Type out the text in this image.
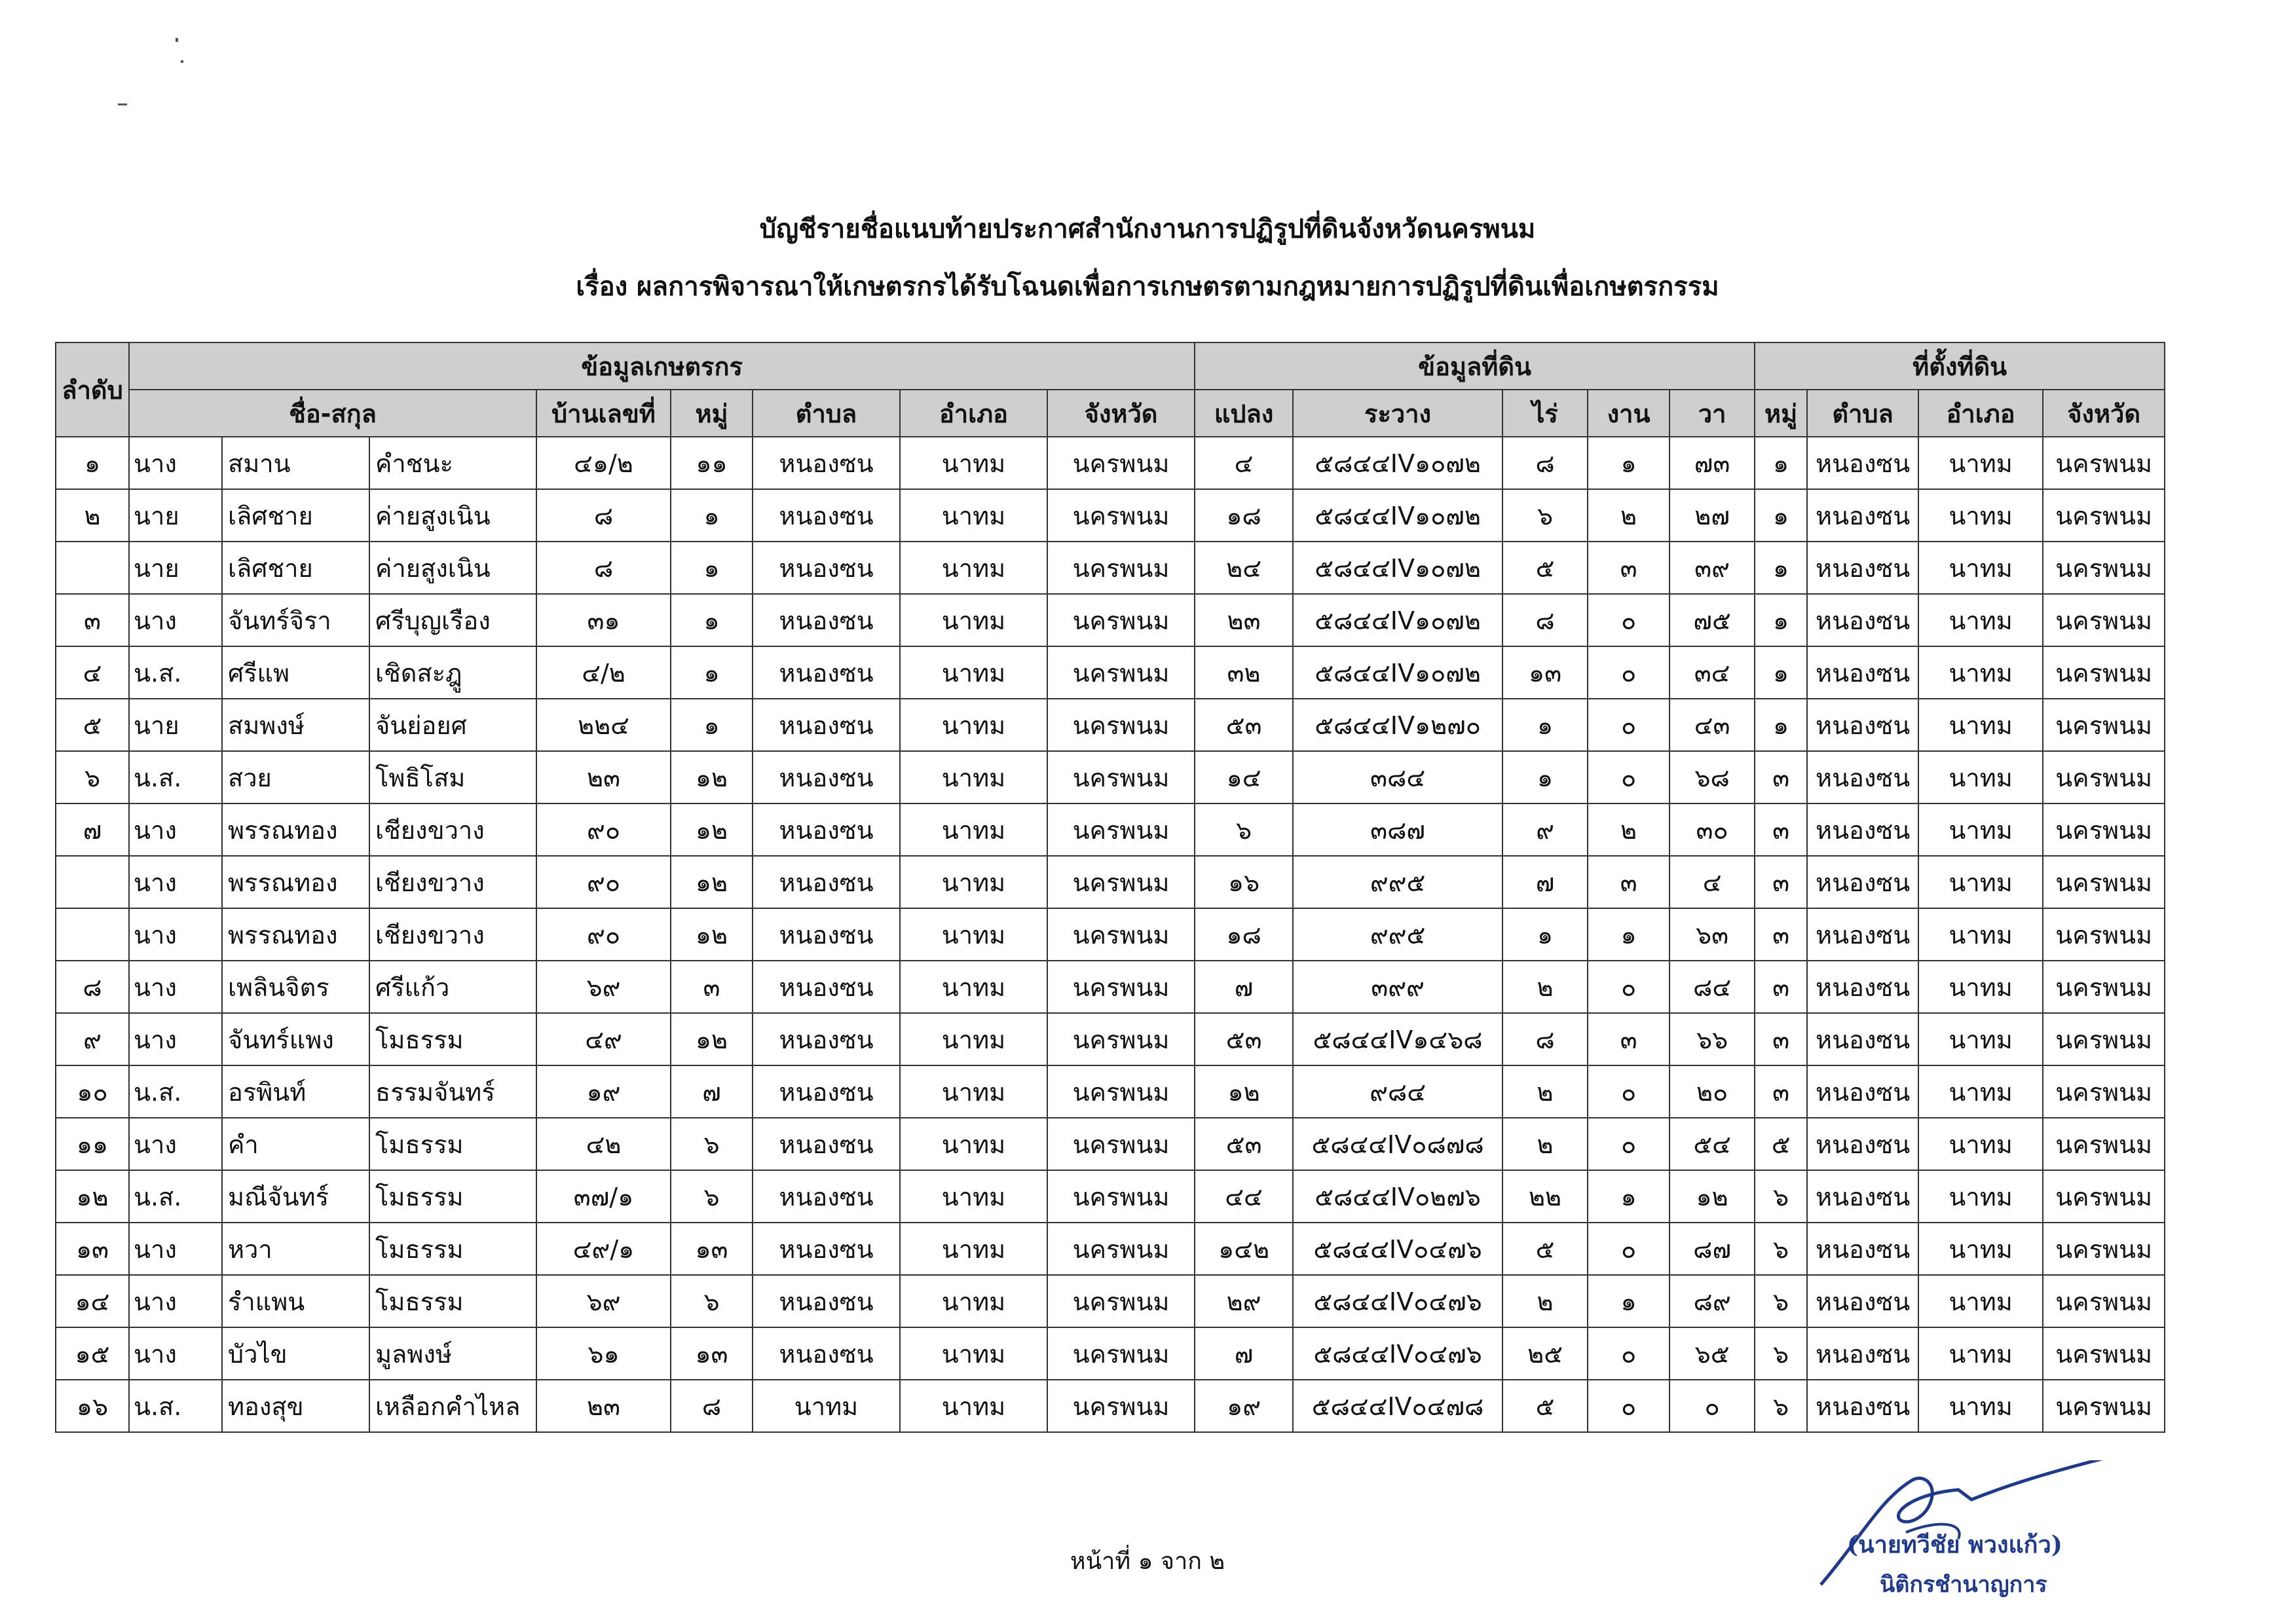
บัญชีรายชื่อแนบท้ายประกาศสำนักงานการปฏิรูปที่ดินจังหวัดนครพนม
เรื่อง ผลการพิจารณาให้เกษตรกรได้รับโฉนดเพื่อการเกษตรตามกฎหมายการปฏิรูปที่ดินเพื่อเกษตรกรรม
ลำดับ	ข้อมูลเกษตรกร								ข้อมูลที่ดิน					ที่ตั้งที่ดิน			
	ชื่อ-สกุล			บ้านเลขที่	หมู่	ตำบล	อำเภอ	จังหวัด	แปลง	ระวาง	ไร่	งาน	วา	หมู่	ตำบล	อำเภอ	จังหวัด
๑	นาง	สมาน	คำชนะ	๔๑/๒	๑๑	หนองซน	นาทม	นครพนม	๔	๕๘๔๔IV๑๐๗๒	๘	๑	๗๓	๑	หนองซน	นาทม	นครพนม
๒	นาย	เลิศชาย	ค่ายสูงเนิน	๘	๑	หนองซน	นาทม	นครพนม	๑๘	๕๘๔๔IV๑๐๗๒	๖	๒	๒๗	๑	หนองซน	นาทม	นครพนม
	นาย	เลิศชาย	ค่ายสูงเนิน	๘	๑	หนองซน	นาทม	นครพนม	๒๔	๕๘๔๔IV๑๐๗๒	๕	๓	๓๙	๑	หนองซน	นาทม	นครพนม
๓	นาง	จันทร์จิรา	ศรีบุญเรือง	๓๑	๑	หนองซน	นาทม	นครพนม	๒๓	๕๘๔๔IV๑๐๗๒	๘	๐	๗๕	๑	หนองซน	นาทม	นครพนม
๔	น.ส.	ศรีแพ	เชิดสะฎู	๔/๒	๑	หนองซน	นาทม	นครพนม	๓๒	๕๘๔๔IV๑๐๗๒	๑๓	๐	๓๔	๑	หนองซน	นาทม	นครพนม
๕	นาย	สมพงษ์	จันย่อยศ	๒๒๔	๑	หนองซน	นาทม	นครพนม	๕๓	๕๘๔๔IV๑๒๗๐	๑	๐	๔๓	๑	หนองซน	นาทม	นครพนม
๖	น.ส.	สวย	โพธิโสม	๒๓	๑๒	หนองซน	นาทม	นครพนม	๑๔	๓๘๔	๑	๐	๖๘	๓	หนองซน	นาทม	นครพนม
๗	นาง	พรรณทอง	เชียงขวาง	๙๐	๑๒	หนองซน	นาทม	นครพนม	๖	๓๘๗	๙	๒	๓๐	๓	หนองซน	นาทม	นครพนม
	นาง	พรรณทอง	เชียงขวาง	๙๐	๑๒	หนองซน	นาทม	นครพนม	๑๖	๙๙๕	๗	๓	๔	๓	หนองซน	นาทม	นครพนม
	นาง	พรรณทอง	เชียงขวาง	๙๐	๑๒	หนองซน	นาทม	นครพนม	๑๘	๙๙๕	๑	๑	๖๓	๓	หนองซน	นาทม	นครพนม
๘	นาง	เพลินจิตร	ศรีแก้ว	๖๙	๓	หนองซน	นาทม	นครพนม	๗	๓๙๙	๒	๐	๘๔	๓	หนองซน	นาทม	นครพนม
๙	นาง	จันทร์แพง	โมธรรม	๔๙	๑๒	หนองซน	นาทม	นครพนม	๕๓	๕๘๔๔IV๑๔๖๘	๘	๓	๖๖	๓	หนองซน	นาทม	นครพนม
๑๐	น.ส.	อรพินท์	ธรรมจันทร์	๑๙	๗	หนองซน	นาทม	นครพนม	๑๒	๙๘๔	๒	๐	๒๐	๓	หนองซน	นาทม	นครพนม
๑๑	นาง	คำ	โมธรรม	๔๒	๖	หนองซน	นาทม	นครพนม	๕๓	๕๘๔๔IV๐๘๗๘	๒	๐	๕๔	๕	หนองซน	นาทม	นครพนม
๑๒	น.ส.	มณีจันทร์	โมธรรม	๓๗/๑	๖	หนองซน	นาทม	นครพนม	๔๔	๕๘๔๔IV๐๒๗๖	๒๒	๑	๑๒	๖	หนองซน	นาทม	นครพนม
๑๓	นาง	หวา	โมธรรม	๔๙/๑	๑๓	หนองซน	นาทม	นครพนม	๑๔๒	๕๘๔๔IV๐๔๗๖	๕	๐	๘๗	๖	หนองซน	นาทม	นครพนม
๑๔	นาง	รำแพน	โมธรรม	๖๙	๖	หนองซน	นาทม	นครพนม	๒๙	๕๘๔๔IV๐๔๗๖	๒	๑	๘๙	๖	หนองซน	นาทม	นครพนม
๑๕	นาง	บัวไข	มูลพงษ์	๖๑	๑๓	หนองซน	นาทม	นครพนม	๗	๕๘๔๔IV๐๔๗๖	๒๕	๐	๖๕	๖	หนองซน	นาทม	นครพนม
๑๖	น.ส.	ทองสุข	เหลือกคำไหล	๒๓	๘	นาทม	นาทม	นครพนม	๑๙	๕๘๔๔IV๐๔๗๘	๕	๐	๐	๖	หนองซน	นาทม	นครพนม
หน้าที่ ๑ จาก ๒
(นายทวีชัย พวงแก้ว)
นิติกรชำนาญการ
